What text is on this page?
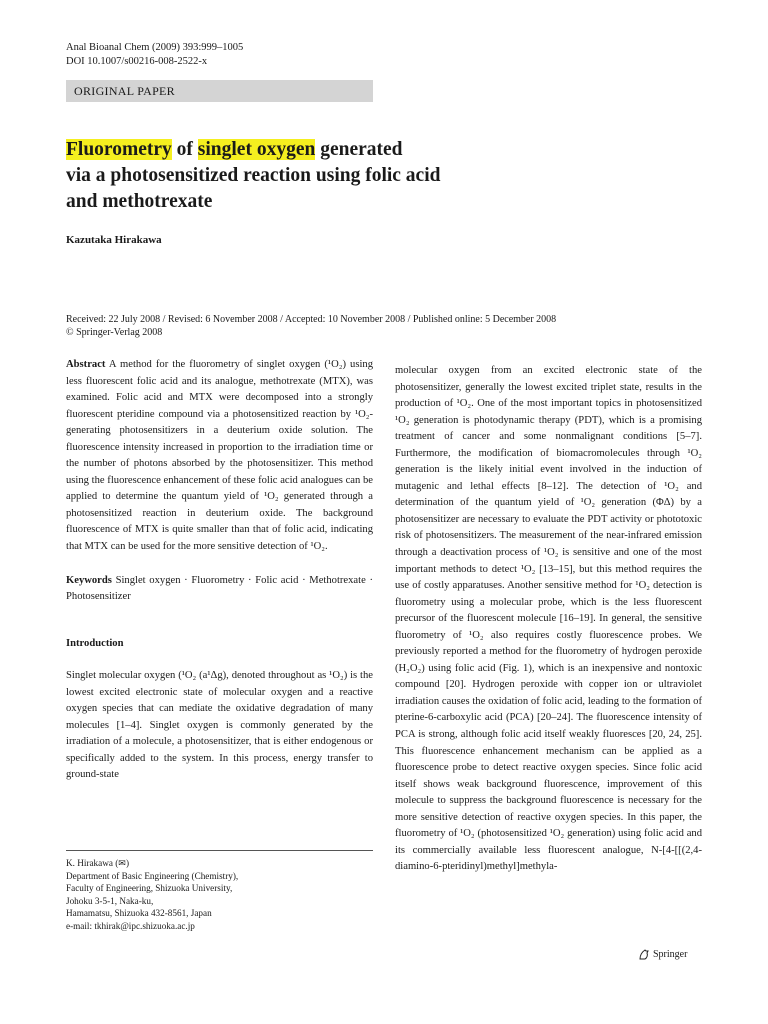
Anal Bioanal Chem (2009) 393:999–1005
DOI 10.1007/s00216-008-2522-x
ORIGINAL PAPER
Fluorometry of singlet oxygen generated
via a photosensitized reaction using folic acid
and methotrexate
Kazutaka Hirakawa
Received: 22 July 2008 / Revised: 6 November 2008 / Accepted: 10 November 2008 / Published online: 5 December 2008
© Springer-Verlag 2008

Abstract A method for the fluorometry of singlet oxygen (¹O₂) using less fluorescent folic acid and its analogue, methotrexate (MTX), was examined. Folic acid and MTX were decomposed into a strongly fluorescent pteridine compound via a photosensitized reaction by ¹O₂-generating photosensitizers in a deuterium oxide solution. The fluorescence intensity increased in proportion to the irradiation time or the number of photons absorbed by the photosensitizer. This method using the fluorescence enhancement of these folic acid analogues can be applied to determine the quantum yield of ¹O₂ generated through a photosensitized reaction in deuterium oxide. The background fluorescence of MTX is quite smaller than that of folic acid, indicating that MTX can be used for the more sensitive detection of ¹O₂.

Keywords Singlet oxygen · Fluorometry · Folic acid · Methotrexate · Photosensitizer

Introduction

Singlet molecular oxygen (¹O₂ (a¹Δg), denoted throughout as ¹O₂) is the lowest excited electronic state of molecular oxygen and a reactive oxygen species that can mediate the oxidative degradation of many molecules [1–4]. Singlet oxygen is commonly generated by the irradiation of a molecule, a photosensitizer, that is either endogenous or specifically added to the system. In this process, energy transfer to ground-state

K. Hirakawa (✉)
Department of Basic Engineering (Chemistry),
Faculty of Engineering, Shizuoka University,
Johoku 3-5-1, Naka-ku,
Hamamatsu, Shizuoka 432-8561, Japan
e-mail: tkhirak@ipc.shizuoka.ac.jp

molecular oxygen from an excited electronic state of the photosensitizer, generally the lowest excited triplet state, results in the production of ¹O₂. One of the most important topics in photosensitized ¹O₂ generation is photodynamic therapy (PDT), which is a promising treatment of cancer and some nonmalignant conditions [5–7]. Furthermore, the modification of biomacromolecules through ¹O₂ generation is the likely initial event involved in the induction of mutagenic and lethal effects [8–12]. The detection of ¹O₂ and determination of the quantum yield of ¹O₂ generation (ΦΔ) by a photosensitizer are necessary to evaluate the PDT activity or phototoxic risk of photosensitizers. The measurement of the near-infrared emission through a deactivation process of ¹O₂ is sensitive and one of the most important methods to detect ¹O₂ [13–15], but this method requires the use of costly apparatuses. Another sensitive method for ¹O₂ detection is fluorometry using a molecular probe, which is the less fluorescent precursor of the fluorescent molecule [16–19]. In general, the sensitive fluorometry of ¹O₂ also requires costly fluorescence probes. We previously reported a method for the fluorometry of hydrogen peroxide (H₂O₂) using folic acid (Fig. 1), which is an inexpensive and nontoxic compound [20]. Hydrogen peroxide with copper ion or ultraviolet irradiation causes the oxidation of folic acid, leading to the formation of pterine-6-carboxylic acid (PCA) [20–24]. The fluorescence intensity of PCA is strong, although folic acid itself weakly fluoresces [20, 24, 25]. This fluorescence enhancement mechanism can be applied as a fluorescence probe to detect reactive oxygen species. Since folic acid itself shows weak background fluorescence, improvement of this molecule to suppress the background fluorescence is necessary for the more sensitive detection of reactive oxygen species. In this paper, the fluorometry of ¹O₂ (photosensitized ¹O₂ generation) using folic acid and its commercially available less fluorescent analogue, N-[4-[[(2,4-diamino-6-pteridinyl)methyl]methyla-

Springer
